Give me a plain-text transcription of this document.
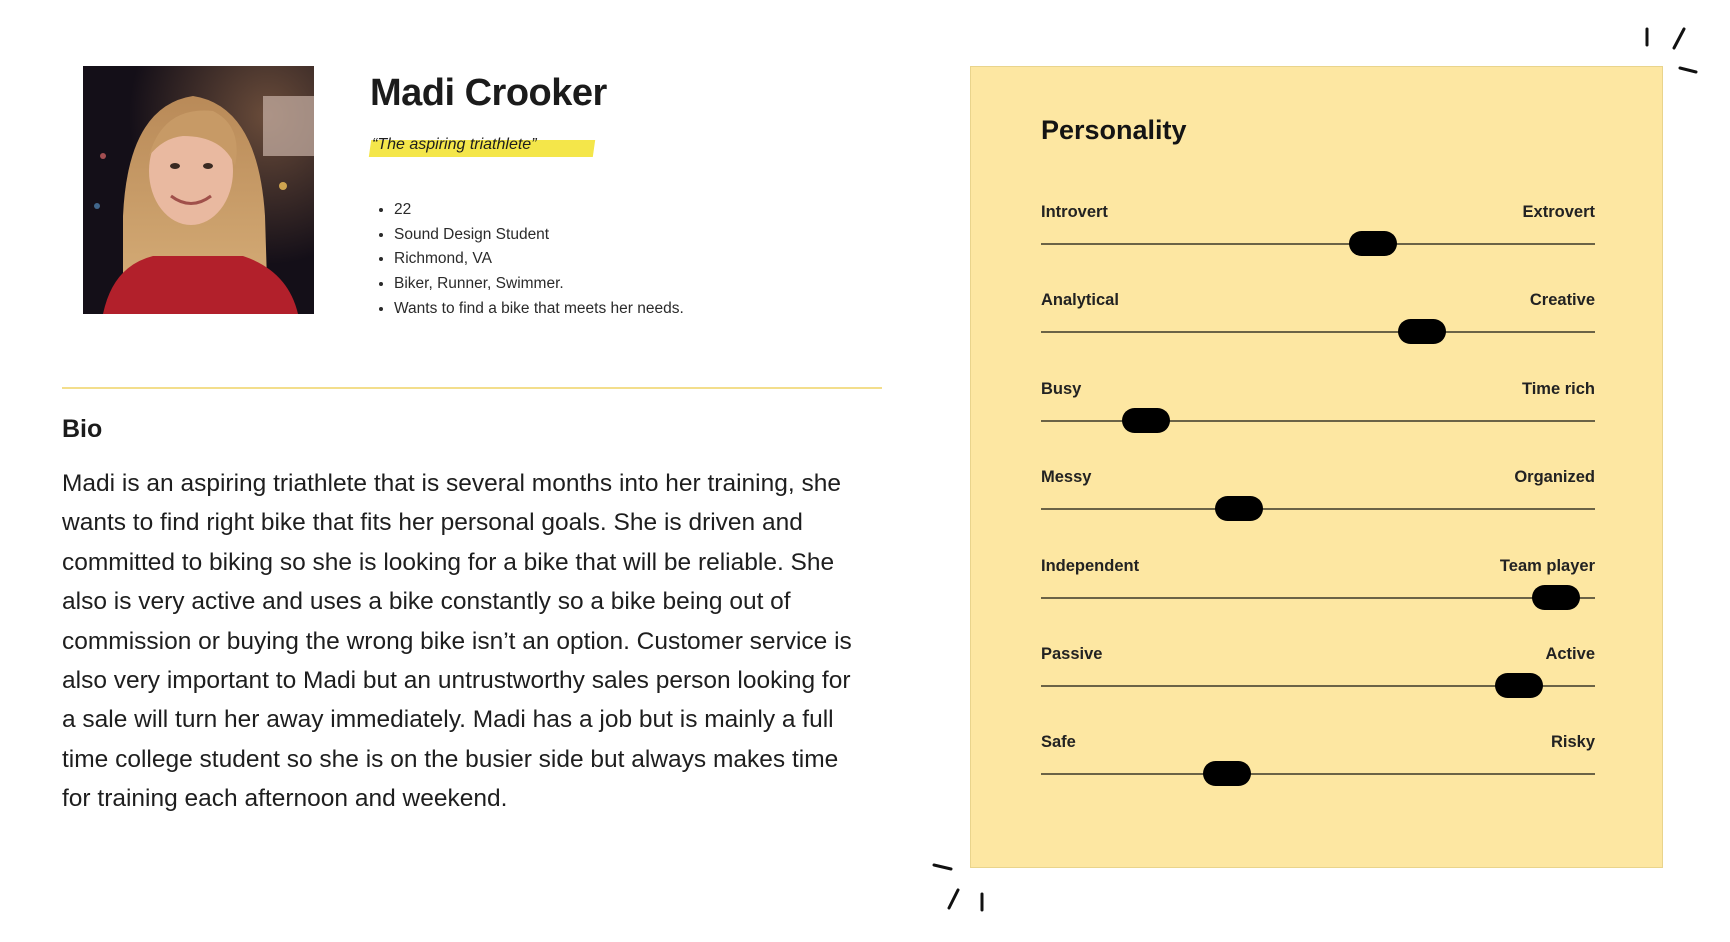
Madi Crooker
“The aspiring triathlete”
• 22
• Sound Design Student
• Richmond, VA
• Biker, Runner, Swimmer.
• Wants to find a bike that meets her needs.
Bio

Madi is an aspiring triathlete that is several months into her training, she wants to find right bike that fits her personal goals. She is driven and committed to biking so she is looking for a bike that will be reliable. She also is very active and uses a bike constantly so a bike being out of commission or buying the wrong bike isn’t an option. Customer service is also very important to Madi but an untrustworthy sales person looking for a sale will turn her away immediately. Madi has a job but is mainly a full time college student so she is on the busier side but always makes time for training each afternoon and weekend.

Personality
Introvert	Extrovert
Analytical	Creative
Busy	Time rich
Messy	Organized
Independent	Team player
Passive	Active
Safe	Risky
